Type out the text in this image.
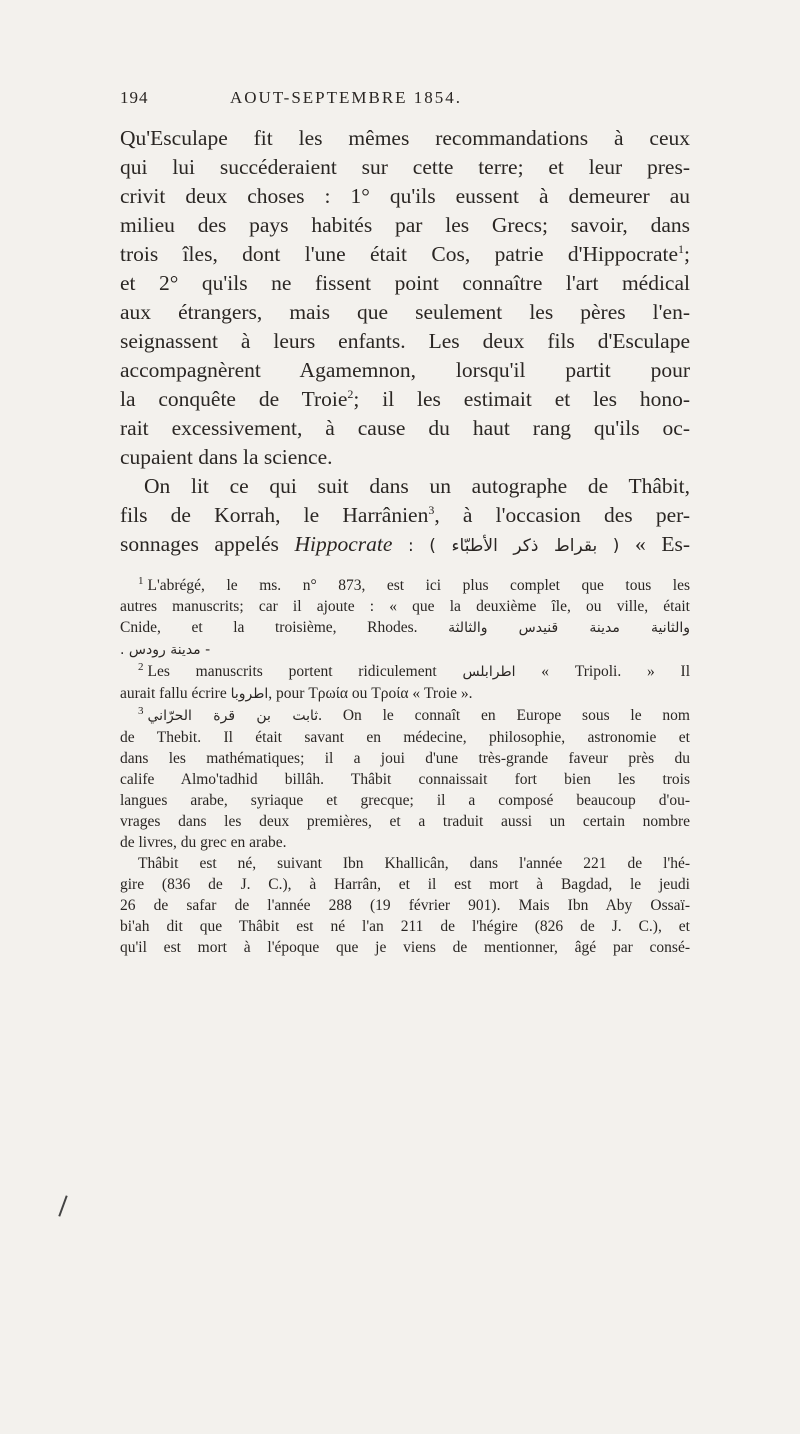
194	AOUT-SEPTEMBRE 1854.

Qu'Esculape fit les mêmes recommandations à ceux
qui lui succéderaient sur cette terre; et leur pres-
crivit deux choses : 1° qu'ils eussent à demeurer au
milieu des pays habités par les Grecs; savoir, dans
trois îles, dont l'une était Cos, patrie d'Hippocrate$^1$;
et 2° qu'ils ne fissent point connaître l'art médical
aux étrangers, mais que seulement les pères l'en-
seignassent à leurs enfants. Les deux fils d'Esculape
accompagnèrent Agamemnon, lorsqu'il partit pour
la conquête de Troie$^2$; il les estimait et les hono-
rait excessivement, à cause du haut rang qu'ils oc-
cupaient dans la science.

On lit ce qui suit dans un autographe de Thâbit,
fils de Korrah, le Harrânien$^3$, à l'occasion des per-
sonnages appelés Hippocrate ( بقراط ذكر الأطبّاء ) : « Es-

$^1$ L'abrégé, le ms. n° 873, est ici plus complet que tous les
autres manuscrits; car il ajoute : « que la deuxième île, ou ville, était
Cnide, et la troisième, Rhodes. والثانية مدينة قنيدس والثالثة
- مدينة رودس .
$^2$ Les manuscrits portent ridiculement اطرابلس « Tripoli. » Il
aurait fallu écrire اطروبا, pour Τρωία ou Τροία « Troie ».
$^3$ ثابت بن قرة الحرّاني. On le connaît en Europe sous le nom
de Thebit. Il était savant en médecine, philosophie, astronomie et
dans les mathématiques; il a joui d'une très-grande faveur près du
calife Almo'tadhid billâh. Thâbit connaissait fort bien les trois
langues arabe, syriaque et grecque; il a composé beaucoup d'ou-
vrages dans les deux premières, et a traduit aussi un certain nombre
de livres, du grec en arabe.
Thâbit est né, suivant Ibn Khallicân, dans l'année 221 de l'hé-
gire (836 de J. C.), à Harrân, et il est mort à Bagdad, le jeudi
26 de safar de l'année 288 (19 février 901). Mais Ibn Aby Ossaï-
bi'ah dit que Thâbit est né l'an 211 de l'hégire (826 de J. C.), et
qu'il est mort à l'époque que je viens de mentionner, âgé par consé-
